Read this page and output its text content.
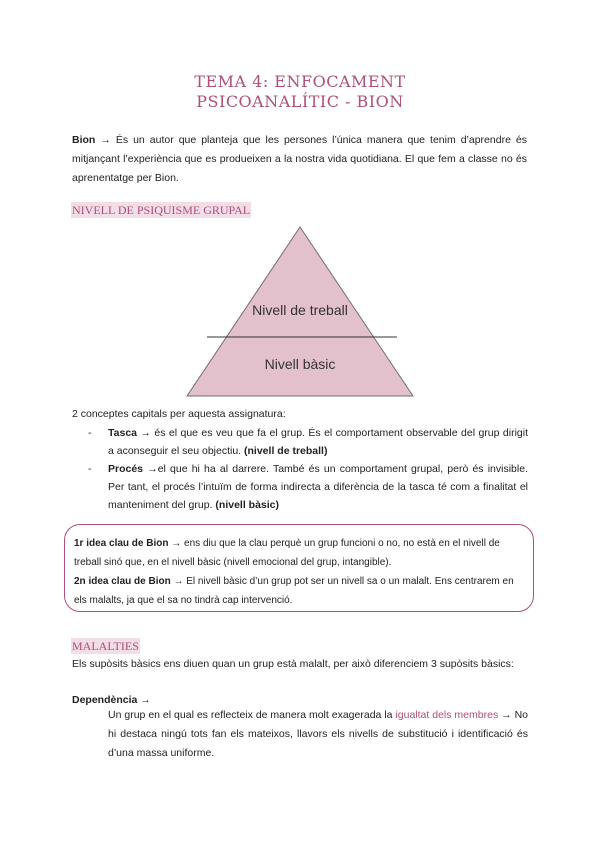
TEMA 4: ENFOCAMENT
PSICOANALÍTIC - BION
Bion → És un autor que planteja que les persones l’única manera que tenim d’aprendre és mitjançant l’experiència que es produeixen a la nostra vida quotidiana. El que fem a classe no és aprenentatge per Bion.
NIVELL DE PSIQUISME GRUPAL
Nivell de treball
Nivell bàsic
2 conceptes capitals per aquesta assignatura:
- Tasca → és el que es veu que fa el grup. És el comportament observable del grup dirigit a aconseguir el seu objectiu. (nivell de treball)
- Procés →el que hi ha al darrere. També és un comportament grupal, però és invisible. Per tant, el procés l’intuïm de forma indirecta a diferència de la tasca té com a finalitat el manteniment del grup. (nivell bàsic)
1r idea clau de Bion → ens diu que la clau perquè un grup funcioni o no, no està en el nivell de treball sinó que, en el nivell bàsic (nivell emocional del grup, intangible).
2n idea clau de Bion → El nivell bàsic d’un grup pot ser un nivell sa o un malalt. Ens centrarem en els malalts, ja que el sa no tindrà cap intervenció.
MALALTIES
Els supòsits bàsics ens diuen quan un grup està malalt, per això diferenciem 3 supòsits bàsics:
Dependència →
Un grup en el qual es reflecteix de manera molt exagerada la igualtat dels membres → No hi destaca ningú tots fan els mateixos, llavors els nivells de substitució i identificació és d’una massa uniforme.
